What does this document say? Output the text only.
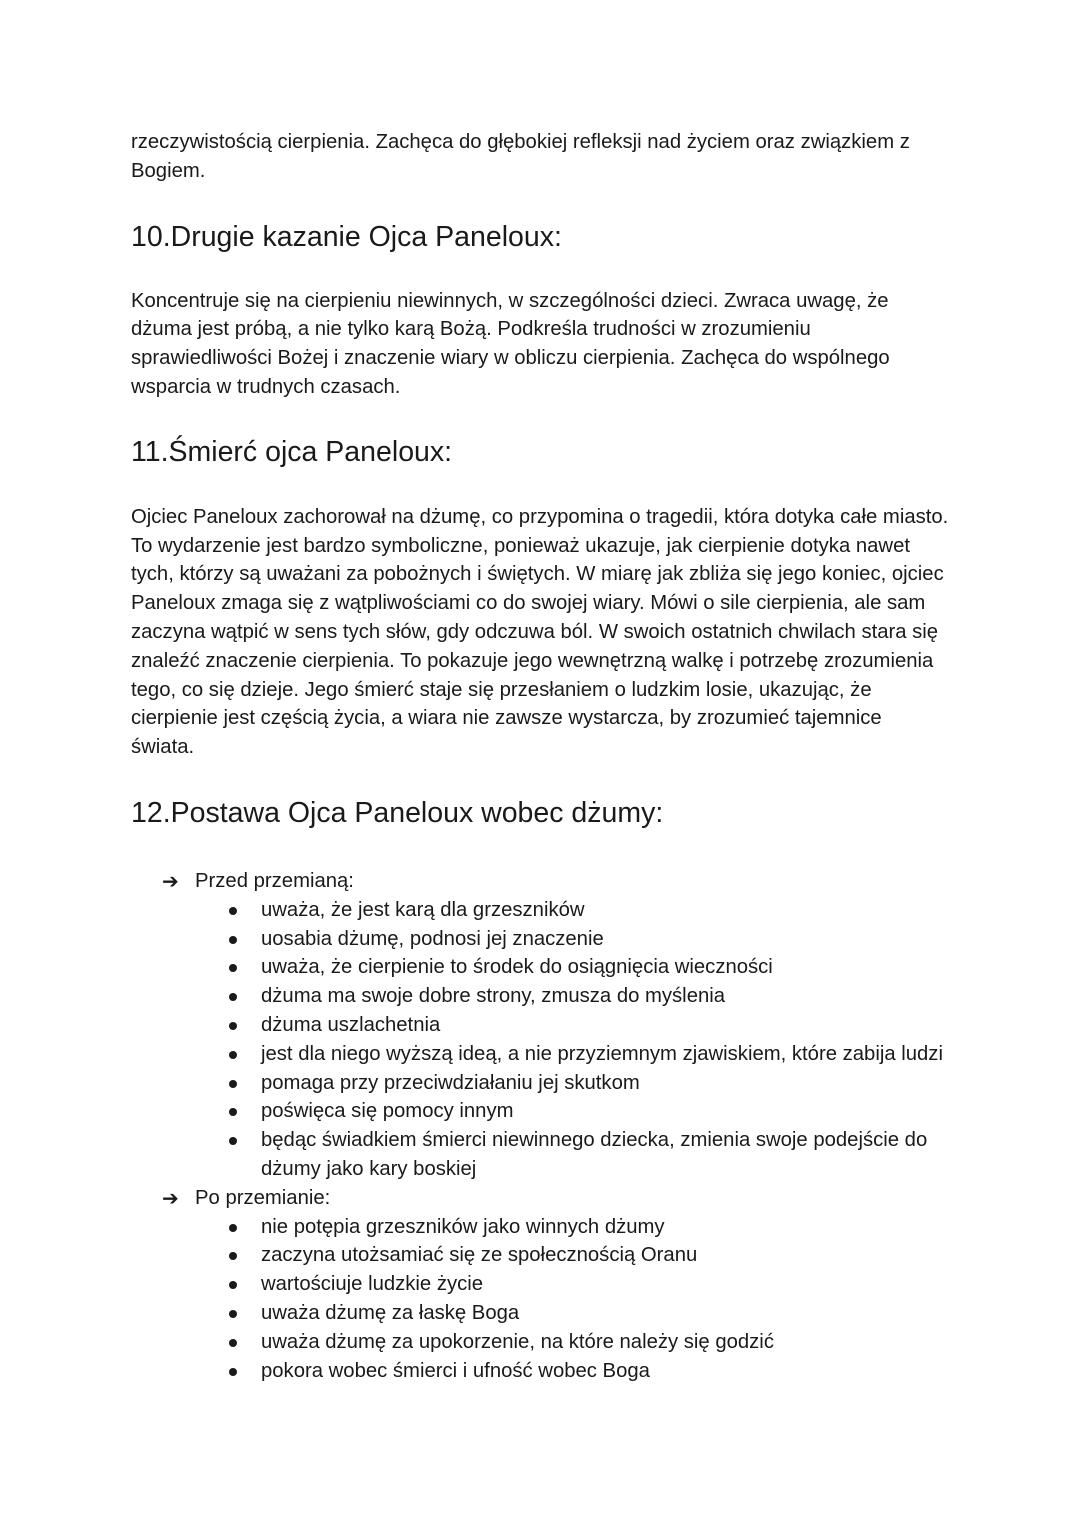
rzeczywistością cierpienia. Zachęca do głębokiej refleksji nad życiem oraz związkiem z Bogiem.

10.Drugie kazanie Ojca Paneloux:

Koncentruje się na cierpieniu niewinnych, w szczególności dzieci. Zwraca uwagę, że dżuma jest próbą, a nie tylko karą Bożą. Podkreśla trudności w zrozumieniu sprawiedliwości Bożej i znaczenie wiary w obliczu cierpienia. Zachęca do wspólnego wsparcia w trudnych czasach.

11.Śmierć ojca Paneloux:

Ojciec Paneloux zachorował na dżumę, co przypomina o tragedii, która dotyka całe miasto. To wydarzenie jest bardzo symboliczne, ponieważ ukazuje, jak cierpienie dotyka nawet tych, którzy są uważani za pobożnych i świętych. W miarę jak zbliża się jego koniec, ojciec Paneloux zmaga się z wątpliwościami co do swojej wiary. Mówi o sile cierpienia, ale sam zaczyna wątpić w sens tych słów, gdy odczuwa ból. W swoich ostatnich chwilach stara się znaleźć znaczenie cierpienia. To pokazuje jego wewnętrzną walkę i potrzebę zrozumienia tego, co się dzieje. Jego śmierć staje się przesłaniem o ludzkim losie, ukazując, że cierpienie jest częścią życia, a wiara nie zawsze wystarcza, by zrozumieć tajemnice świata.

12.Postawa Ojca Paneloux wobec dżumy:
➔ Przed przemianą:
uważa, że jest karą dla grzeszników
uosabia dżumę, podnosi jej znaczenie
uważa, że cierpienie to środek do osiągnięcia wieczności
dżuma ma swoje dobre strony, zmusza do myślenia
dżuma uszlachetnia
jest dla niego wyższą ideą, a nie przyziemnym zjawiskiem, które zabija ludzi
pomaga przy przeciwdziałaniu jej skutkom
poświęca się pomocy innym
będąc świadkiem śmierci niewinnego dziecka, zmienia swoje podejście do dżumy jako kary boskiej
➔ Po przemianie:
nie potępia grzeszników jako winnych dżumy
zaczyna utożsamiać się ze społecznością Oranu
wartościuje ludzkie życie
uważa dżumę za łaskę Boga
uważa dżumę za upokorzenie, na które należy się godzić
pokora wobec śmierci i ufność wobec Boga
